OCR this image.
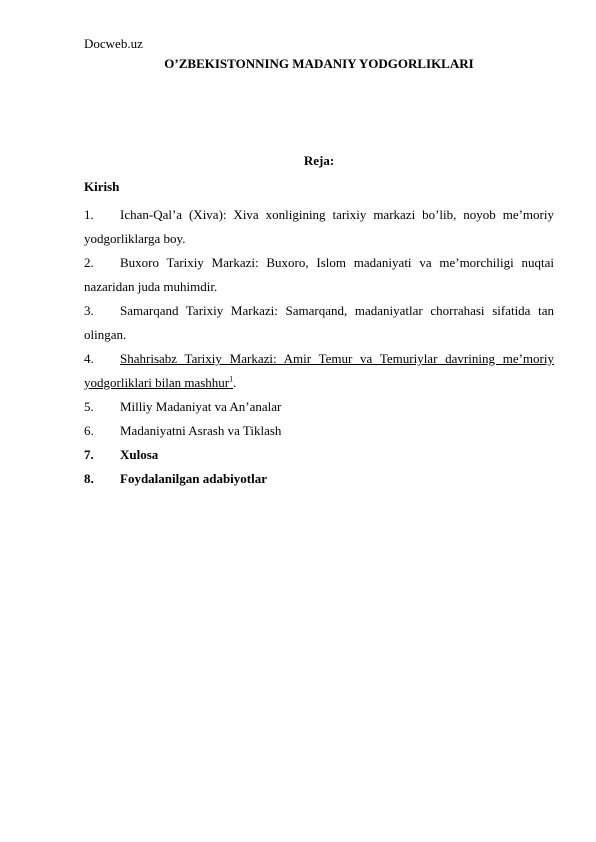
Docweb.uz
O’ZBEKISTONNING MADANIY YODGORLIKLARI
Reja:
Kirish
1. Ichan-Qal’a (Xiva): Xiva xonligining tarixiy markazi bo’lib, noyob me’moriy yodgorliklarga boy.
2. Buxoro Tarixiy Markazi: Buxoro, Islom madaniyati va me’morchiligi nuqtai nazaridan juda muhimdir.
3. Samarqand Tarixiy Markazi: Samarqand, madaniyatlar chorrahasi sifatida tan olingan.
4. Shahrisabz Tarixiy Markazi: Amir Temur va Temuriylar davrining me’moriy yodgorliklari bilan mashhur$^1$.
5. Milliy Madaniyat va An’analar
6. Madaniyatni Asrash va Tiklash
7. Xulosa
8. Foydalanilgan adabiyotlar
